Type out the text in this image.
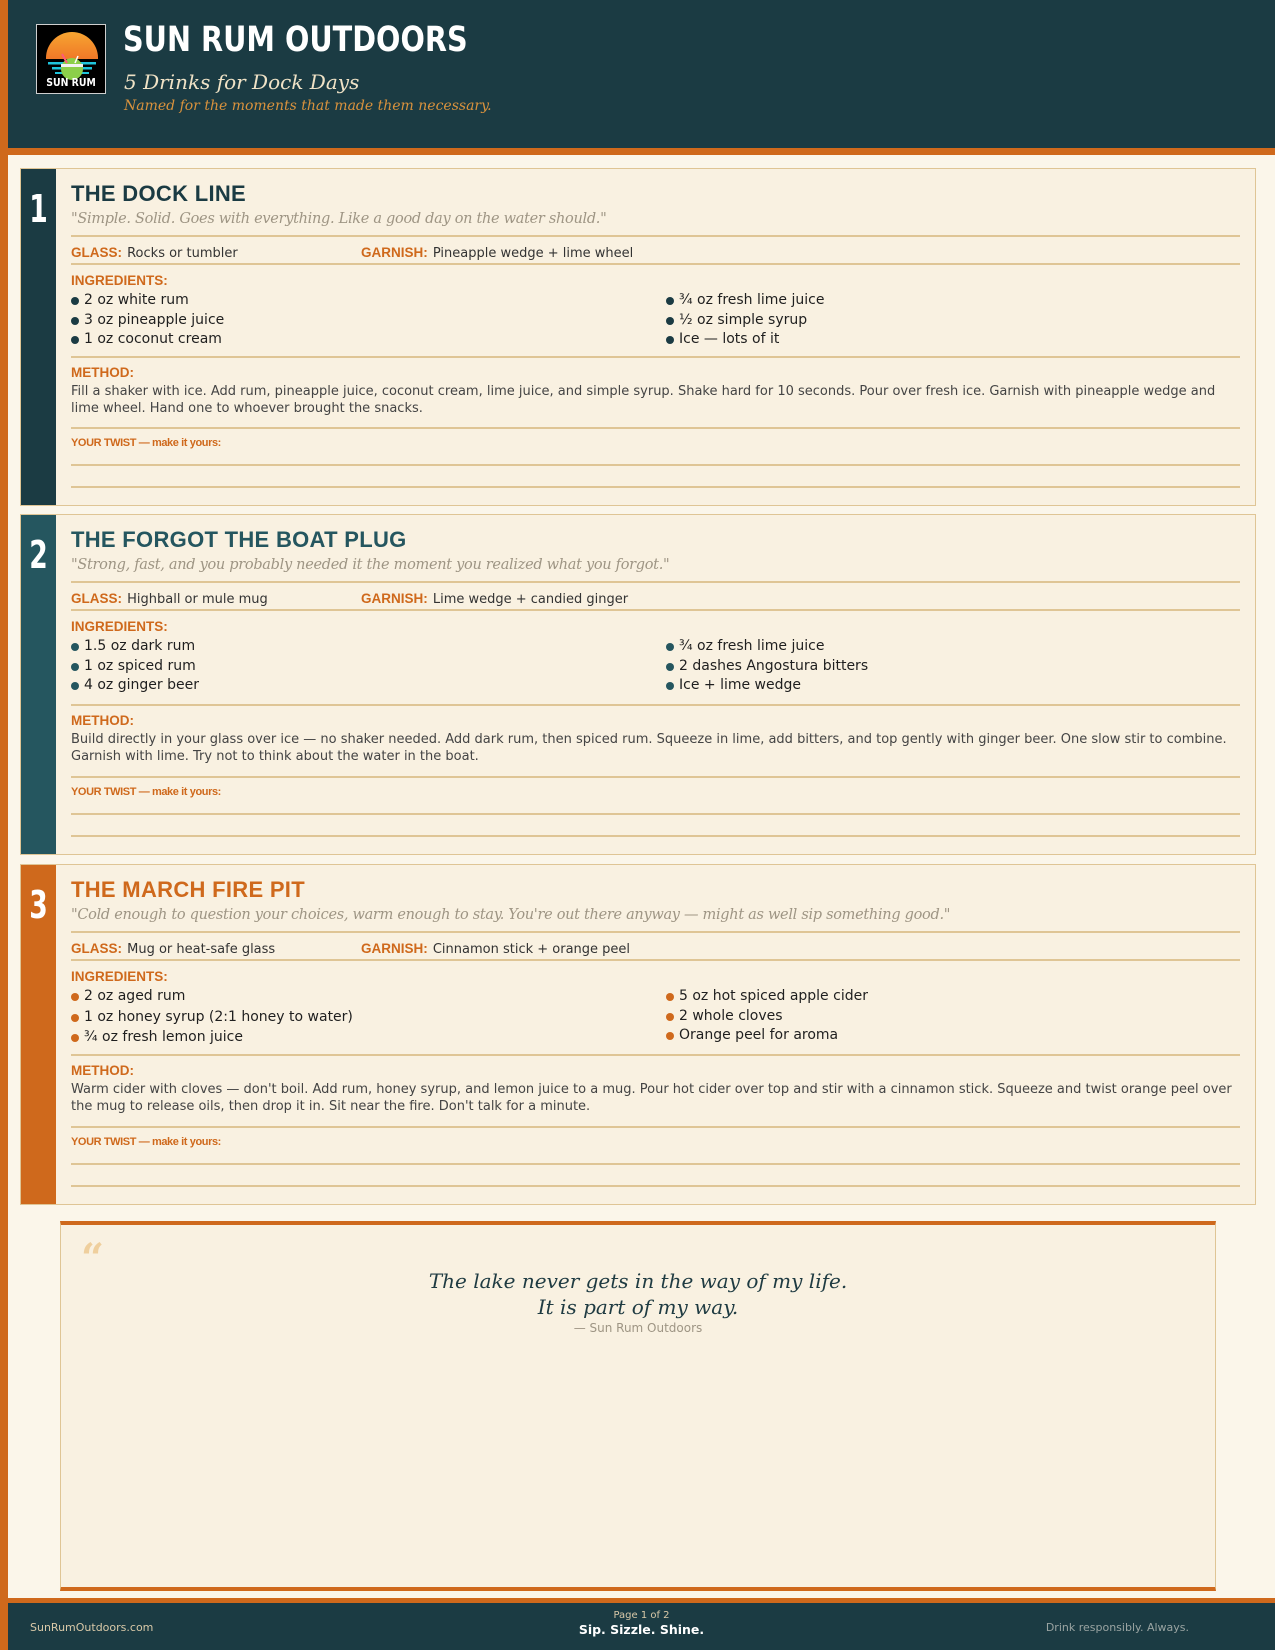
SUN RUM
SUN RUM OUTDOORS
5 Drinks for Dock Days
Named for the moments that made them necessary.
1 THE DOCK LINE
"Simple. Solid. Goes with everything. Like a good day on the water should."
GLASS: Rocks or tumbler	GARNISH: Pineapple wedge + lime wheel
INGREDIENTS:
2 oz white rum
3 oz pineapple juice
1 oz coconut cream
¾ oz fresh lime juice
½ oz simple syrup
Ice — lots of it
METHOD:
Fill a shaker with ice. Add rum, pineapple juice, coconut cream, lime juice, and simple syrup. Shake hard for 10 seconds. Pour over fresh ice. Garnish with pineapple wedge and lime wheel. Hand one to whoever brought the snacks.
YOUR TWIST — make it yours:
2 THE FORGOT THE BOAT PLUG
"Strong, fast, and you probably needed it the moment you realized what you forgot."
GLASS: Highball or mule mug	GARNISH: Lime wedge + candied ginger
INGREDIENTS:
1.5 oz dark rum
1 oz spiced rum
4 oz ginger beer
¾ oz fresh lime juice
2 dashes Angostura bitters
Ice + lime wedge
METHOD:
Build directly in your glass over ice — no shaker needed. Add dark rum, then spiced rum. Squeeze in lime, add bitters, and top gently with ginger beer. One slow stir to combine. Garnish with lime. Try not to think about the water in the boat.
YOUR TWIST — make it yours:
3 THE MARCH FIRE PIT
"Cold enough to question your choices, warm enough to stay. You're out there anyway — might as well sip something good."
GLASS: Mug or heat-safe glass	GARNISH: Cinnamon stick + orange peel
INGREDIENTS:
2 oz aged rum
1 oz honey syrup (2:1 honey to water)
¾ oz fresh lemon juice
5 oz hot spiced apple cider
2 whole cloves
Orange peel for aroma
METHOD:
Warm cider with cloves — don't boil. Add rum, honey syrup, and lemon juice to a mug. Pour hot cider over top and stir with a cinnamon stick. Squeeze and twist orange peel over the mug to release oils, then drop it in. Sit near the fire. Don't talk for a minute.
YOUR TWIST — make it yours:
“	The lake never gets in the way of my life.
It is part of my way.
— Sun Rum Outdoors
SunRumOutdoors.com
Page 1 of 2
Sip. Sizzle. Shine.	Drink responsibly. Always.
